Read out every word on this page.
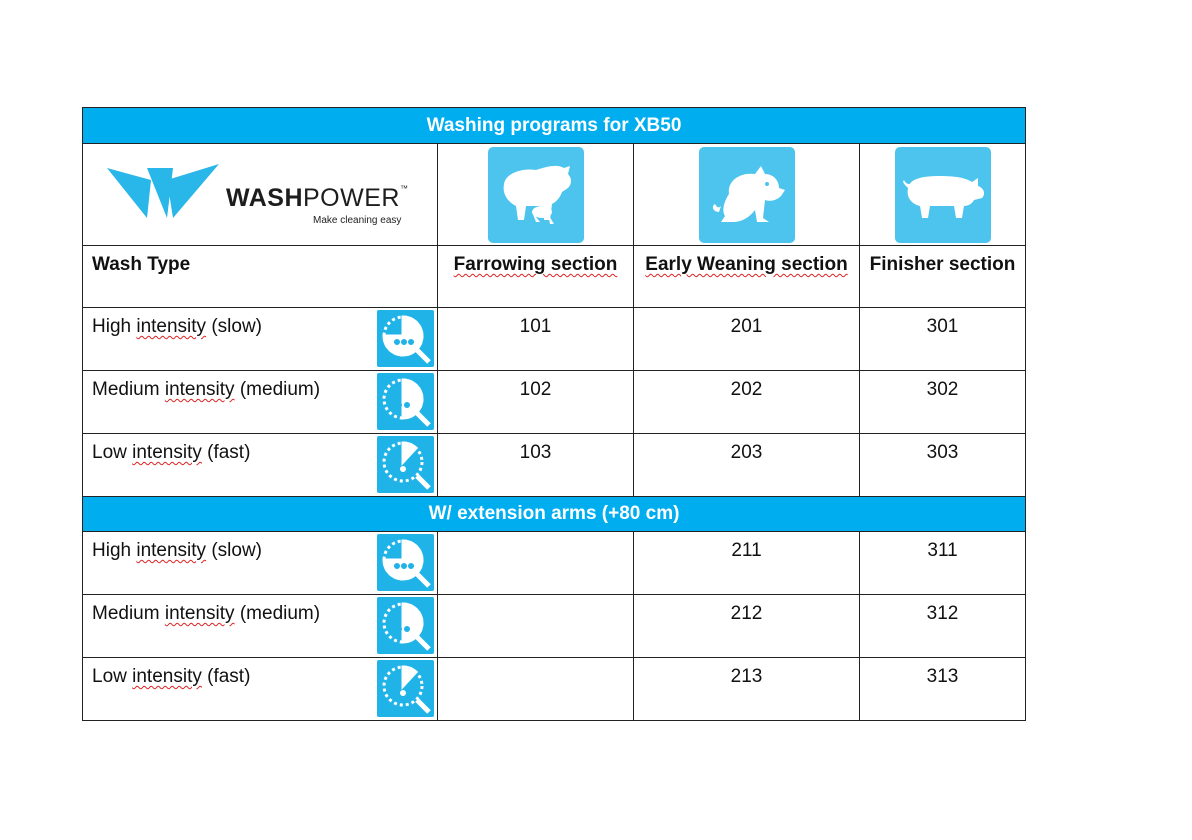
Washing programs for XB50			

WASHPOWER™
Make cleaning easy

Wash Type	Farrowing section	Early Weaning section	Finisher section

High intensity (slow)	101	201	301

Medium intensity (medium)	102	202	302

Low intensity (fast)	103	203	303

W/ extension arms (+80 cm)			

High intensity (slow)		211	311

Medium intensity (medium)		212	312

Low intensity (fast)		213	313
